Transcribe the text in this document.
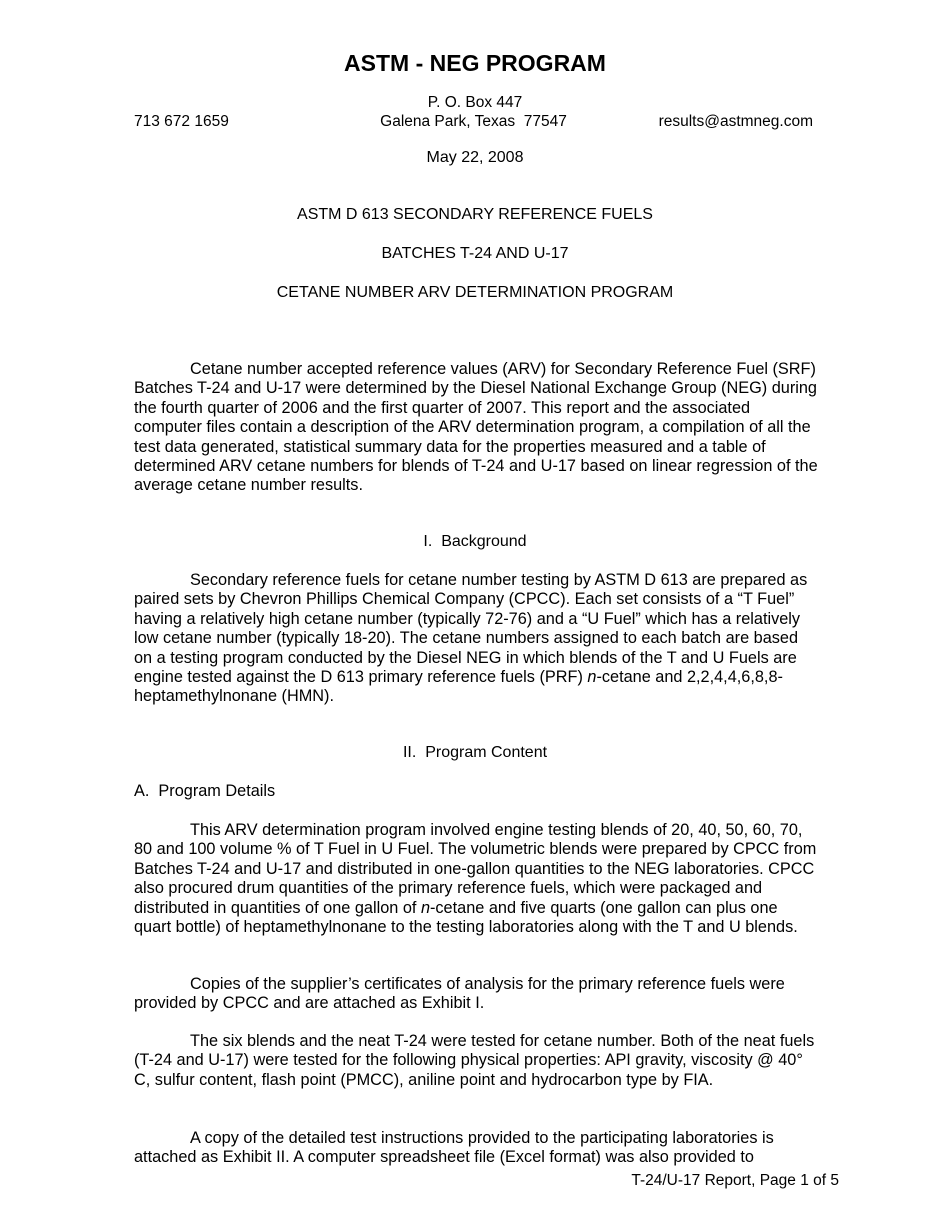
ASTM - NEG PROGRAM
P. O. Box 447
713 672 1659	Galena Park, Texas  77547	results@astmneg.com
May 22, 2008
ASTM D 613 SECONDARY REFERENCE FUELS
BATCHES T-24 AND U-17
CETANE NUMBER ARV DETERMINATION PROGRAM

Cetane number accepted reference values (ARV) for Secondary Reference Fuel (SRF) Batches T-24 and U-17 were determined by the Diesel National Exchange Group (NEG) during the fourth quarter of 2006 and the first quarter of 2007. This report and the associated computer files contain a description of the ARV determination program, a compilation of all the test data generated, statistical summary data for the properties measured and a table of determined ARV cetane numbers for blends of T-24 and U-17 based on linear regression of the average cetane number results.

I.  Background

Secondary reference fuels for cetane number testing by ASTM D 613 are prepared as paired sets by Chevron Phillips Chemical Company (CPCC). Each set consists of a “T Fuel” having a relatively high cetane number (typically 72-76) and a “U Fuel” which has a relatively low cetane number (typically 18-20). The cetane numbers assigned to each batch are based on a testing program conducted by the Diesel NEG in which blends of the T and U Fuels are engine tested against the D 613 primary reference fuels (PRF) n-cetane and 2,2,4,4,6,8,8-heptamethylnonane (HMN).

II.  Program Content
A.  Program Details

This ARV determination program involved engine testing blends of 20, 40, 50, 60, 70, 80 and 100 volume % of T Fuel in U Fuel. The volumetric blends were prepared by CPCC from Batches T-24 and U-17 and distributed in one-gallon quantities to the NEG laboratories. CPCC also procured drum quantities of the primary reference fuels, which were packaged and distributed in quantities of one gallon of n-cetane and five quarts (one gallon can plus one quart bottle) of heptamethylnonane to the testing laboratories along with the T and U blends.

Copies of the supplier’s certificates of analysis for the primary reference fuels were provided by CPCC and are attached as Exhibit I.

The six blends and the neat T-24 were tested for cetane number. Both of the neat fuels (T-24 and U-17) were tested for the following physical properties: API gravity, viscosity @ 40° C, sulfur content, flash point (PMCC), aniline point and hydrocarbon type by FIA.

A copy of the detailed test instructions provided to the participating laboratories is attached as Exhibit II. A computer spreadsheet file (Excel format) was also provided to

T-24/U-17 Report, Page 1 of 5
